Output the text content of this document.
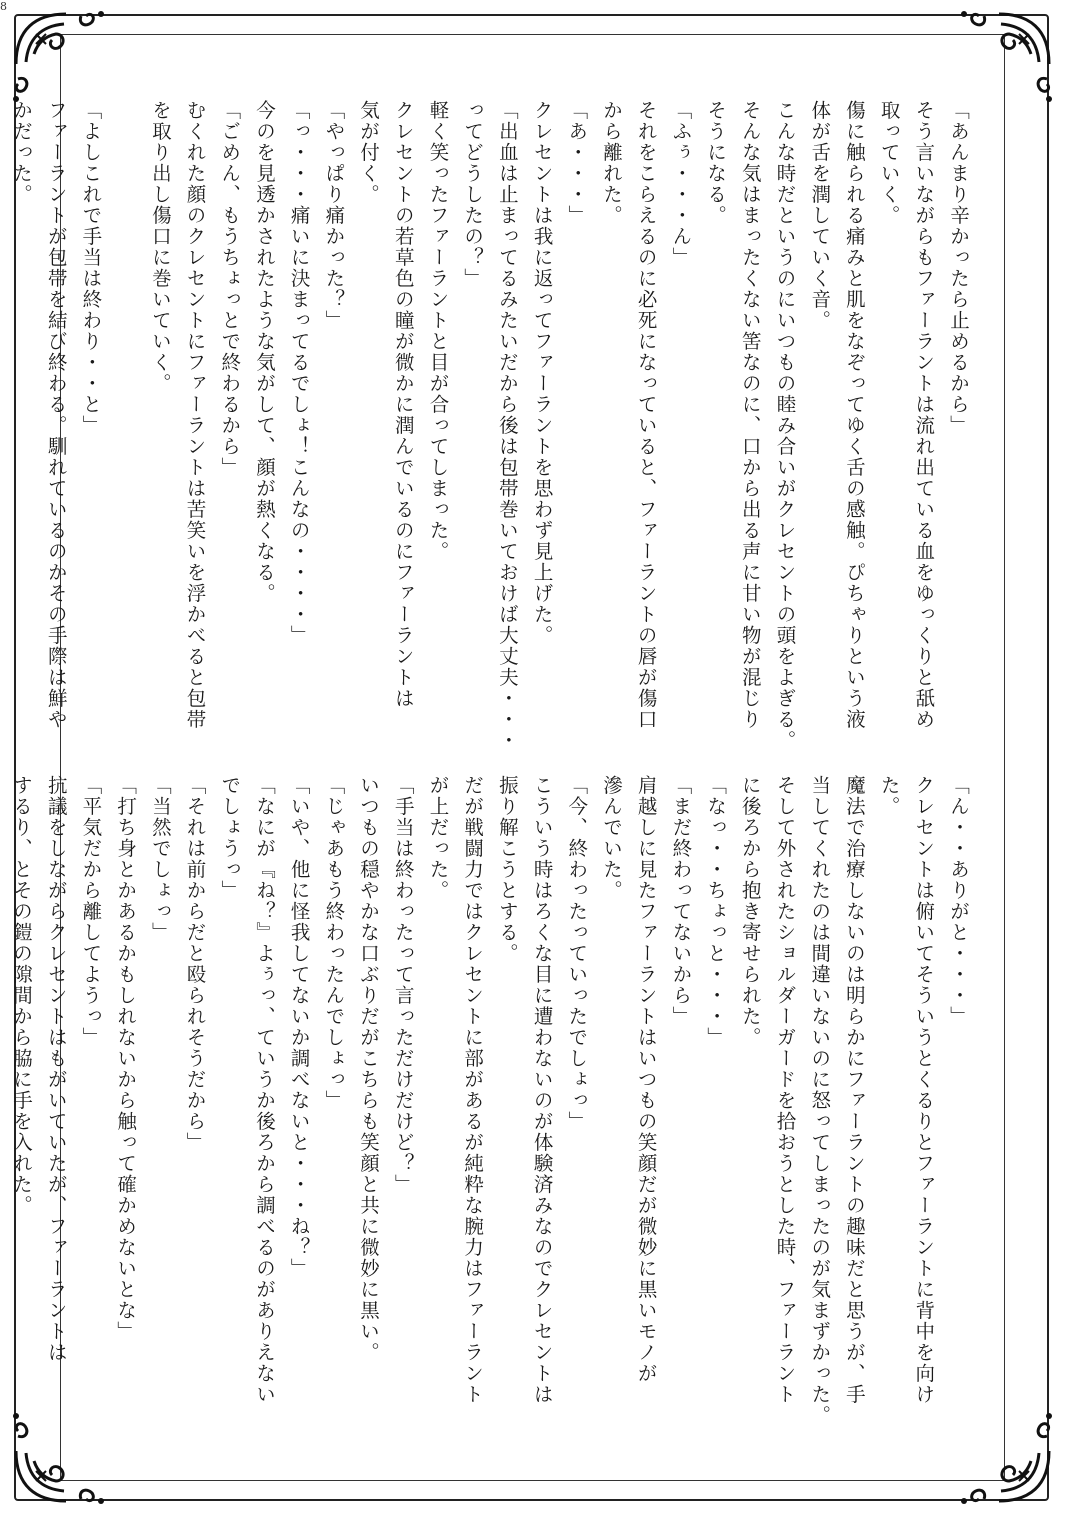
8

「あんまり辛かったら止めるから」

そう言いながらもファーラントは流れ出ている血をゆっくりと舐め

取っていく。

傷に触られる痛みと肌をなぞってゆく舌の感触。ぴちゃりという液

体が舌を潤していく音。

こんな時だというのにいつもの睦み合いがクレセントの頭をよぎる。

そんな気はまったくない筈なのに、口から出る声に甘い物が混じり

そうになる。

「ふぅ・・・ん」

それをこらえるのに必死になっていると、ファーラントの唇が傷口

から離れた。

「あ・・・」

クレセントは我に返ってファーラントを思わず見上げた。

「出血は止まってるみたいだから後は包帯巻いておけば大丈夫・・・

ってどうしたの？」

軽く笑ったファーラントと目が合ってしまった。

クレセントの若草色の瞳が微かに潤んでいるのにファーラントは

気が付く。

「やっぱり痛かった？」

「っ・・・痛いに決まってるでしょ！こんなの・・・・」

今のを見透かされたような気がして、顔が熱くなる。

「ごめん、もうちょっとで終わるから」

むくれた顔のクレセントにファーラントは苦笑いを浮かべると包帯

を取り出し傷口に巻いていく。

「よしこれで手当は終わり・・と」

ファーラントが包帯を結び終わる。馴れているのかその手際は鮮や

かだった。

「ん・・ありがと・・・」

クレセントは俯いてそういうとくるりとファーラントに背中を向け

た。

魔法で治療しないのは明らかにファーラントの趣味だと思うが、手

当してくれたのは間違いないのに怒ってしまったのが気まずかった。

そして外されたショルダーガードを拾おうとした時、ファーラント

に後ろから抱き寄せられた。

「なっ・・ちょっと・・・」

「まだ終わってないから」

肩越しに見たファーラントはいつもの笑顔だが微妙に黒いモノが

滲んでいた。

「今、終わったっていったでしょっ」

こういう時はろくな目に遭わないのが体験済みなのでクレセントは

振り解こうとする。

だが戦闘力ではクレセントに部があるが純粋な腕力はファーラント

が上だった。

「手当は終わったって言っただけだけど？」

いつもの穏やかな口ぶりだがこちらも笑顔と共に微妙に黒い。

「じゃあもう終わったんでしょっ」

「いや、他に怪我してないか調べないと・・・ね？」

「なにが『ね？』よぅっ、ていうか後ろから調べるのがありえない

でしょうっ」

「それは前からだと殴られそうだから」

「当然でしょっ」

「打ち身とかあるかもしれないから触って確かめないとな」

「平気だから離してようっ」

抗議をしながらクレセントはもがいていたが、ファーラントは

するり、とその鎧の隙間から脇に手を入れた。
